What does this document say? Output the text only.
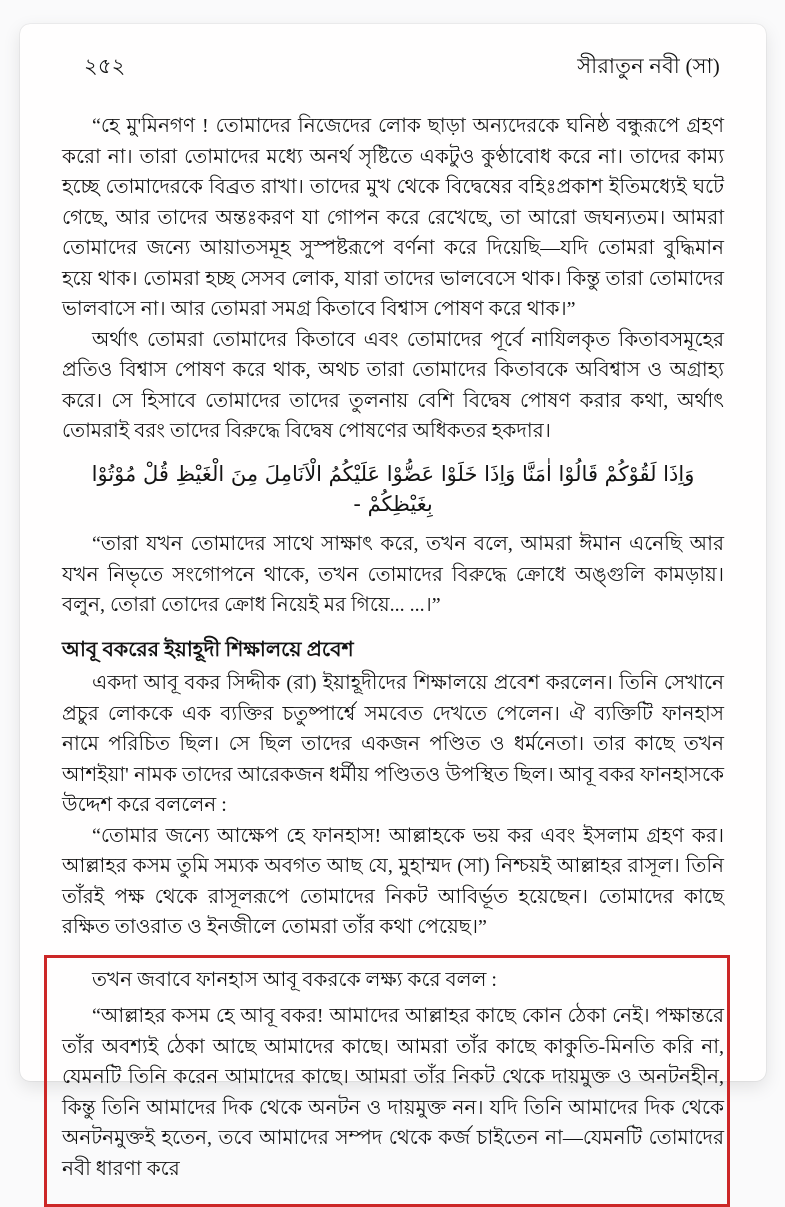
২৫২	সীরাতুন নবী (সা)

“হে মু'মিনগণ ! তোমাদের নিজেদের লোক ছাড়া অন্যদেরকে ঘনিষ্ঠ বন্ধুরূপে গ্রহণ করো না। তারা তোমাদের মধ্যে অনর্থ সৃষ্টিতে একটুও কুণ্ঠাবোধ করে না। তাদের কাম্য হচ্ছে তোমাদেরকে বিব্রত রাখা। তাদের মুখ থেকে বিদ্বেষের বহিঃপ্রকাশ ইতিমধ্যেই ঘটে গেছে, আর তাদের অন্তঃকরণ যা গোপন করে রেখেছে, তা আরো জঘন্যতম। আমরা তোমাদের জন্যে আয়াতসমূহ সুস্পষ্টরূপে বর্ণনা করে দিয়েছি—যদি তোমরা বুদ্ধিমান হয়ে থাক। তোমরা হচ্ছ সেসব লোক, যারা তাদের ভালবেসে থাক। কিন্তু তারা তোমাদের ভালবাসে না। আর তোমরা সমগ্র কিতাবে বিশ্বাস পোষণ করে থাক।”

অর্থাৎ তোমরা তোমাদের কিতাবে এবং তোমাদের পূর্বে নাযিলকৃত কিতাবসমূহের প্রতিও বিশ্বাস পোষণ করে থাক, অথচ তারা তোমাদের কিতাবকে অবিশ্বাস ও অগ্রাহ্য করে। সে হিসাবে তোমাদের তাদের তুলনায় বেশি বিদ্বেষ পোষণ করার কথা, অর্থাৎ তোমরাই বরং তাদের বিরুদ্ধে বিদ্বেষ পোষণের অধিকতর হকদার।

وَاِذَا لَقُوْكُمْ قَالُوْا اٰمَنَّا وَاِذَا خَلَوْا عَضُّوْا عَلَيْكُمُ الْاَنَامِلَ مِنَ الْغَيْظِ قُلْ مُوْتُوْا بِغَيْظِكُمْ -

“তারা যখন তোমাদের সাথে সাক্ষাৎ করে, তখন বলে, আমরা ঈমান এনেছি আর যখন নিভৃতে সংগোপনে থাকে, তখন তোমাদের বিরুদ্ধে ক্রোধে অঙ্গুলি কামড়ায়। বলুন, তোরা তোদের ক্রোধ নিয়েই মর গিয়ে... ...।”

আবূ বকরের ইয়াহূদী শিক্ষালয়ে প্রবেশ

একদা আবূ বকর সিদ্দীক (রা) ইয়াহূদীদের শিক্ষালয়ে প্রবেশ করলেন। তিনি সেখানে প্রচুর লোককে এক ব্যক্তির চতুষ্পার্শ্বে সমবেত দেখতে পেলেন। ঐ ব্যক্তিটি ফানহাস নামে পরিচিত ছিল। সে ছিল তাদের একজন পণ্ডিত ও ধর্মনেতা। তার কাছে তখন আশইয়া' নামক তাদের আরেকজন ধর্মীয় পণ্ডিতও উপস্থিত ছিল। আবূ বকর ফানহাসকে উদ্দেশ করে বললেন :

“তোমার জন্যে আক্ষেপ হে ফানহাস! আল্লাহকে ভয় কর এবং ইসলাম গ্রহণ কর। আল্লাহর কসম তুমি সম্যক অবগত আছ যে, মুহাম্মদ (সা) নিশ্চয়ই আল্লাহর রাসূল। তিনি তাঁরই পক্ষ থেকে রাসূলরূপে তোমাদের নিকট আবির্ভূত হয়েছেন। তোমাদের কাছে রক্ষিত তাওরাত ও ইনজীলে তোমরা তাঁর কথা পেয়েছ।”

তখন জবাবে ফানহাস আবূ বকরকে লক্ষ্য করে বলল :

“আল্লাহর কসম হে আবূ বকর! আমাদের আল্লাহর কাছে কোন ঠেকা নেই। পক্ষান্তরে তাঁর অবশ্যই ঠেকা আছে আমাদের কাছে। আমরা তাঁর কাছে কাকুতি-মিনতি করি না, যেমনটি তিনি করেন আমাদের কাছে। আমরা তাঁর নিকট থেকে দায়মুক্ত ও অনটনহীন, কিন্তু তিনি আমাদের দিক থেকে অনটন ও দায়মুক্ত নন। যদি তিনি আমাদের দিক থেকে অনটনমুক্তই হতেন, তবে আমাদের সম্পদ থেকে কর্জ চাইতেন না—যেমনটি তোমাদের নবী ধারণা করে
